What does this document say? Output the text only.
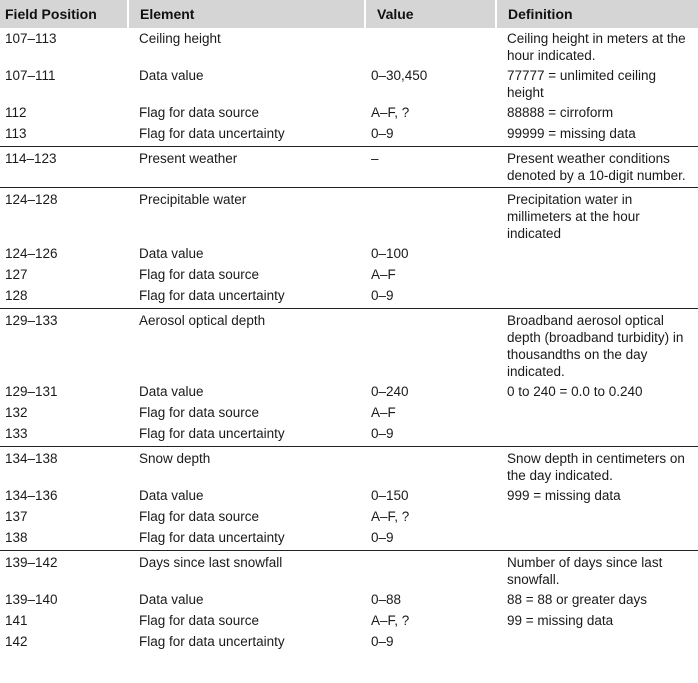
Field Position	Element	Value	Definition
107–113	Ceiling height		Ceiling height in meters at the hour indicated.
107–111	Data value	0–30,450	77777 = unlimited ceiling height
112	Flag for data source	A–F, ?	88888 = cirroform
113	Flag for data uncertainty	0–9	99999 = missing data
114–123	Present weather	–	Present weather conditions denoted by a 10-digit number.
124–128	Precipitable water		Precipitation water in millimeters at the hour indicated
124–126	Data value	0–100	
127	Flag for data source	A–F	
128	Flag for data uncertainty	0–9	
129–133	Aerosol optical depth		Broadband aerosol optical depth (broadband turbidity) in thousandths on the day indicated.
129–131	Data value	0–240	0 to 240 = 0.0 to 0.240
132	Flag for data source	A–F	
133	Flag for data uncertainty	0–9	
134–138	Snow depth		Snow depth in centimeters on the day indicated.
134–136	Data value	0–150	999 = missing data
137	Flag for data source	A–F, ?	
138	Flag for data uncertainty	0–9	
139–142	Days since last snowfall		Number of days since last snowfall.
139–140	Data value	0–88	88 = 88 or greater days
141	Flag for data source	A–F, ?	99 = missing data
142	Flag for data uncertainty	0–9	
